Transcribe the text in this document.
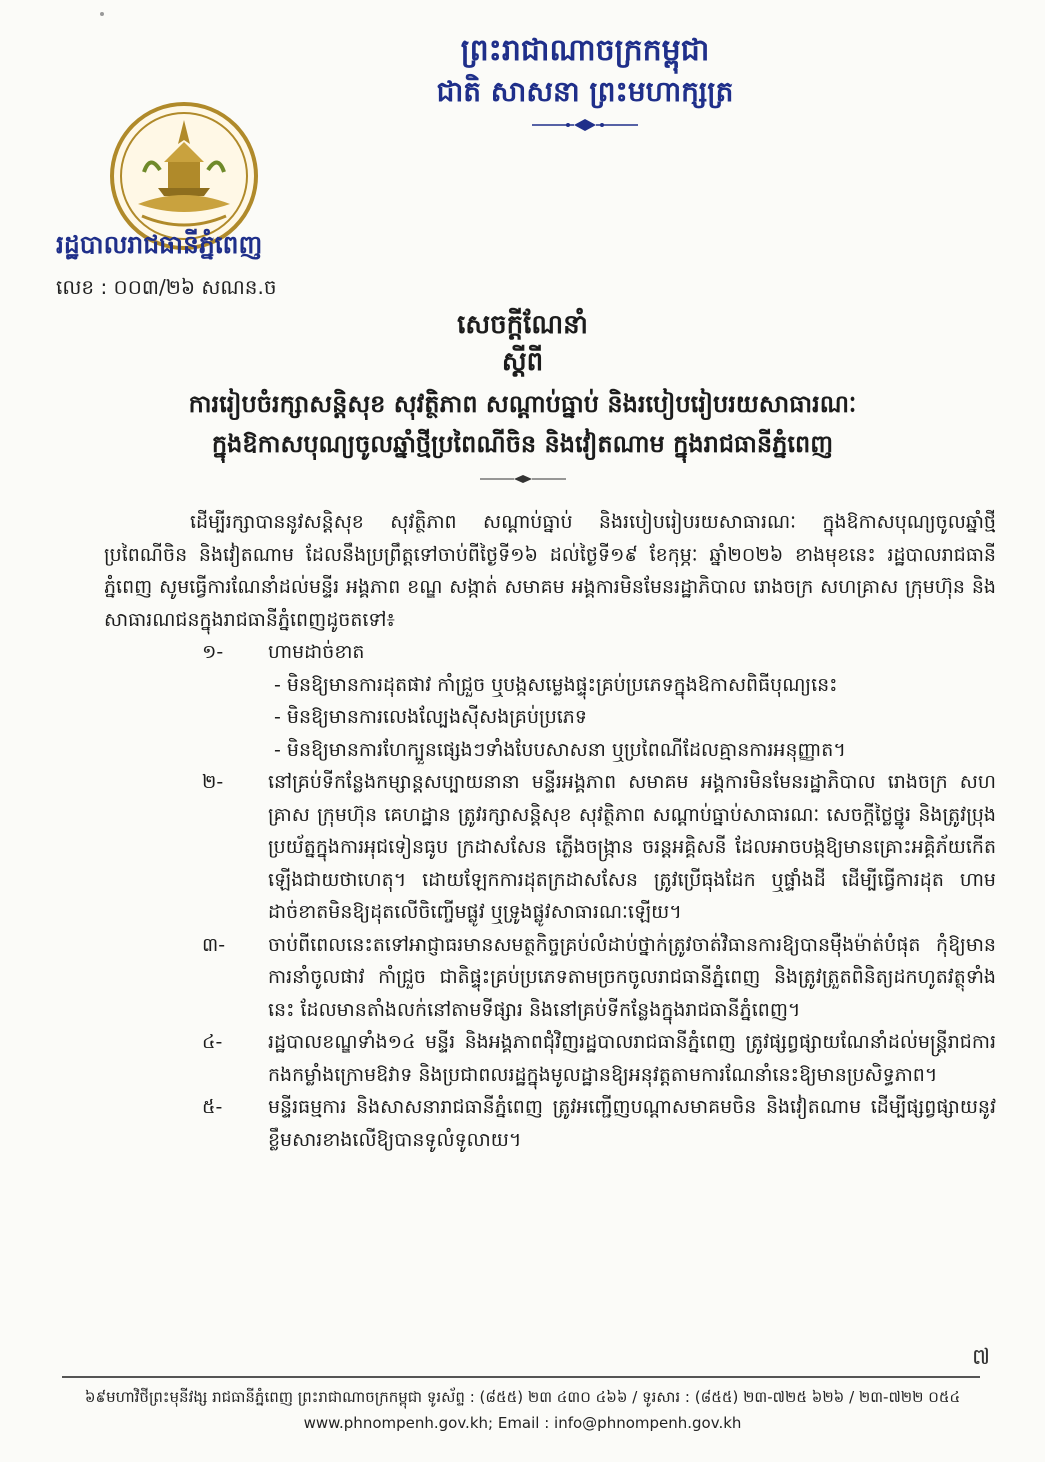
ព្រះរាជាណាចក្រកម្ពុជា
ជាតិ សាសនា ព្រះមហាក្សត្រ
រដ្ឋបាលរាជធានីភ្នំពេញ
លេខ : ០០៣/២៦ សណន.ច
សេចក្ដីណែនាំ
ស្ដីពី
ការរៀបចំរក្សាសន្ដិសុខ សុវត្ថិភាព សណ្ដាប់ធ្នាប់ និងរបៀបរៀបរយសាធារណៈ
ក្នុងឱកាសបុណ្យចូលឆ្នាំថ្មីប្រពៃណីចិន និងវៀតណាម ក្នុងរាជធានីភ្នំពេញ

ដើម្បីរក្សាបាននូវសន្តិសុខ សុវត្ថិភាព សណ្ដាប់ធ្នាប់ និងរបៀបរៀបរយសាធារណៈ ក្នុងឱកាសបុណ្យចូលឆ្នាំថ្មីប្រពៃណីចិន និងវៀតណាម ដែលនឹងប្រព្រឹត្តទៅចាប់ពីថ្ងៃទី១៦ ដល់ថ្ងៃទី១៩ ខែកុម្ភៈ ឆ្នាំ២០២៦ ខាងមុខនេះ រដ្ឋបាលរាជធានីភ្នំពេញ សូមធ្វើការណែនាំដល់មន្ទីរ អង្គភាព ខណ្ឌ សង្កាត់ សមាគម អង្គការមិនមែនរដ្ឋាភិបាល រោងចក្រ សហគ្រាស ក្រុមហ៊ុន និងសាធារណជនក្នុងរាជធានីភ្នំពេញដូចតទៅ៖

១-	ហាមដាច់ខាត
- មិនឱ្យមានការដុតផាវ កាំជ្រួច ឬបង្កសម្លេងផ្ទុះគ្រប់ប្រភេទក្នុងឱកាសពិធីបុណ្យនេះ
- មិនឱ្យមានការលេងល្បែងស៊ីសងគ្រប់ប្រភេទ
- មិនឱ្យមានការហែក្បួនផ្សេងៗទាំងបែបសាសនា ឬប្រពៃណីដែលគ្មានការអនុញ្ញាត។
២-	នៅគ្រប់ទីកន្លែងកម្សាន្តសប្បាយនានា មន្ទីរអង្គភាព សមាគម អង្គការមិនមែនរដ្ឋាភិបាល រោងចក្រ សហគ្រាស ក្រុមហ៊ុន គេហដ្ឋាន ត្រូវរក្សាសន្តិសុខ សុវត្ថិភាព សណ្ដាប់ធ្នាប់សាធារណៈ សេចក្ដីថ្លៃថ្នូរ និងត្រូវប្រុងប្រយ័ត្នក្នុងការអុជទៀនធូប ក្រដាសសែន ភ្លើងចង្ក្រាន ចរន្តអគ្គិសនី ដែលអាចបង្កឱ្យមានគ្រោះអគ្គិភ័យកើតឡើងជាយថាហេតុ។ ដោយឡែកការដុតក្រដាសសែន ត្រូវប្រើធុងដែក ឬផ្ទាំងដី ដើម្បីធ្វើការដុត ហាមដាច់ខាតមិនឱ្យដុតលើចិញ្ចើមផ្លូវ ឬទ្រូងផ្លូវសាធារណៈឡើយ។
៣-	ចាប់ពីពេលនេះតទៅអាជ្ញាធរមានសមត្ថកិច្ចគ្រប់លំដាប់ថ្នាក់ត្រូវចាត់វិធានការឱ្យបានម៉ឺងម៉ាត់បំផុត កុំឱ្យមានការនាំចូលផាវ កាំជ្រួច ជាតិផ្ទុះគ្រប់ប្រភេទតាមច្រកចូលរាជធានីភ្នំពេញ និងត្រូវត្រួតពិនិត្យដកហូតវត្ថុទាំងនេះ ដែលមានតាំងលក់នៅតាមទីផ្សារ និងនៅគ្រប់ទីកន្លែងក្នុងរាជធានីភ្នំពេញ។
៤-	រដ្ឋបាលខណ្ឌទាំង១៤ មន្ទីរ និងអង្គភាពជុំវិញរដ្ឋបាលរាជធានីភ្នំពេញ ត្រូវផ្សព្វផ្សាយណែនាំដល់មន្ត្រីរាជការ កងកម្លាំងក្រោមឱវាទ និងប្រជាពលរដ្ឋក្នុងមូលដ្ឋានឱ្យអនុវត្តតាមការណែនាំនេះឱ្យមានប្រសិទ្ធភាព។
៥-	មន្ទីរធម្មការ និងសាសនារាជធានីភ្នំពេញ ត្រូវអញ្ជើញបណ្ដាសមាគមចិន និងវៀតណាម ដើម្បីផ្សព្វផ្សាយនូវខ្លឹមសារខាងលើឱ្យបានទូលំទូលាយ។
៧
៦៩មហាវិថីព្រះមុនីវង្ស រាជធានីភ្នំពេញ ព្រះរាជាណាចក្រកម្ពុជា ទូរស័ព្ទ : (៨៥៥) ២៣ ៤៣០ ៤៦៦ / ទូរសារ : (៨៥៥) ២៣-៧២៥ ៦២៦ / ២៣-៧២២ ០៥៤
www.phnompenh.gov.kh; Email : info@phnompenh.gov.kh
